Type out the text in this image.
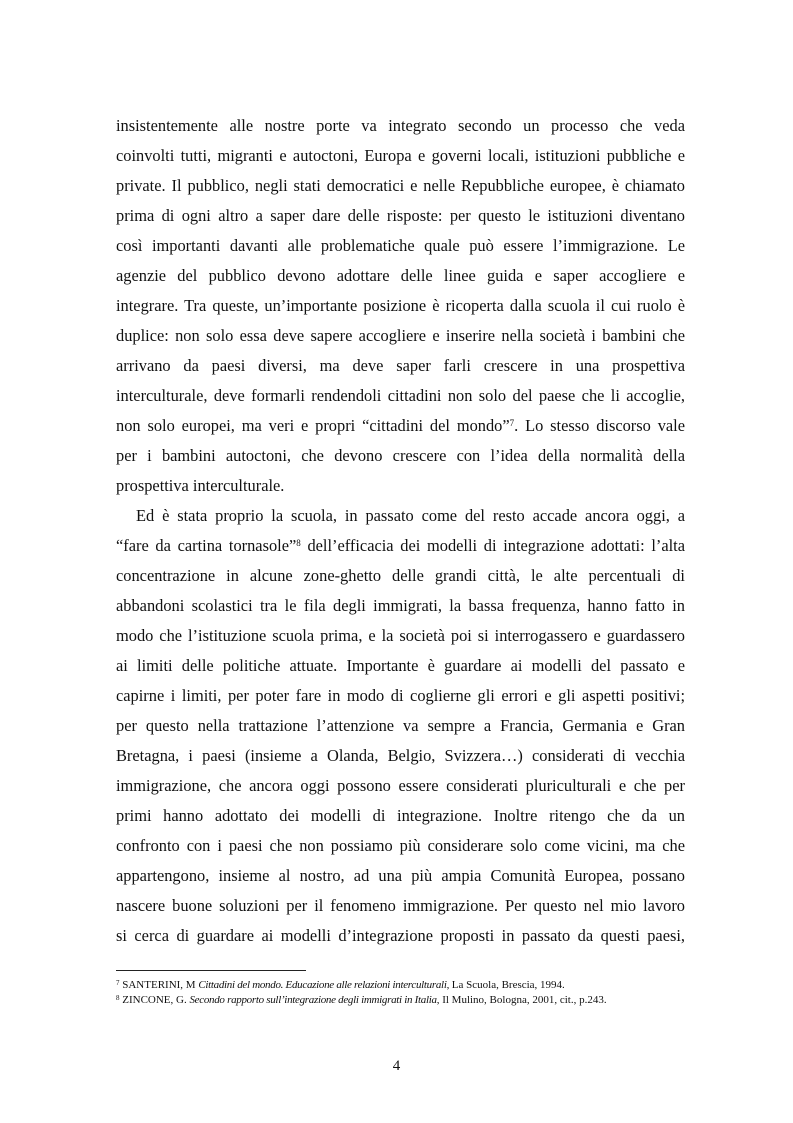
insistentemente alle nostre porte va integrato secondo un processo che veda
coinvolti tutti, migranti e autoctoni, Europa e governi locali, istituzioni pubbliche e
private. Il pubblico, negli stati democratici e nelle Repubbliche europee, è chiamato
prima di ogni altro a saper dare delle risposte: per questo le istituzioni diventano
così importanti davanti alle problematiche quale può essere l’immigrazione. Le
agenzie del pubblico devono adottare delle linee guida e saper accogliere e
integrare. Tra queste, un’importante posizione è ricoperta dalla scuola il cui ruolo è
duplice: non solo essa deve sapere accogliere e inserire nella società i bambini che
arrivano da paesi diversi, ma deve saper farli crescere in una prospettiva
interculturale, deve formarli rendendoli cittadini non solo del paese che li accoglie,
non solo europei, ma veri e propri “cittadini del mondo”$^7$. Lo stesso discorso vale
per i bambini autoctoni, che devono crescere con l’idea della normalità della
prospettiva interculturale.
Ed è stata proprio la scuola, in passato come del resto accade ancora oggi, a
“fare da cartina tornasole”$^8$ dell’efficacia dei modelli di integrazione adottati: l’alta
concentrazione in alcune zone-ghetto delle grandi città, le alte percentuali di
abbandoni scolastici tra le fila degli immigrati, la bassa frequenza, hanno fatto in
modo che l’istituzione scuola prima, e la società poi si interrogassero e guardassero
ai limiti delle politiche attuate. Importante è guardare ai modelli del passato e
capirne i limiti, per poter fare in modo di coglierne gli errori e gli aspetti positivi;
per questo nella trattazione l’attenzione va sempre a Francia, Germania e Gran
Bretagna, i paesi (insieme a Olanda, Belgio, Svizzera…) considerati di vecchia
immigrazione, che ancora oggi possono essere considerati pluriculturali e che per
primi hanno adottato dei modelli di integrazione. Inoltre ritengo che da un
confronto con i paesi che non possiamo più considerare solo come vicini, ma che
appartengono, insieme al nostro, ad una più ampia Comunità Europea, possano
nascere buone soluzioni per il fenomeno immigrazione. Per questo nel mio lavoro
si cerca di guardare ai modelli d’integrazione proposti in passato da questi paesi,
$^7$ SANTERINI, M Cittadini del mondo. Educazione alle relazioni interculturali, La Scuola, Brescia, 1994.
$^8$ ZINCONE, G. Secondo rapporto sull’integrazione degli immigrati in Italia, Il Mulino, Bologna, 2001, cit., p.243.
4
